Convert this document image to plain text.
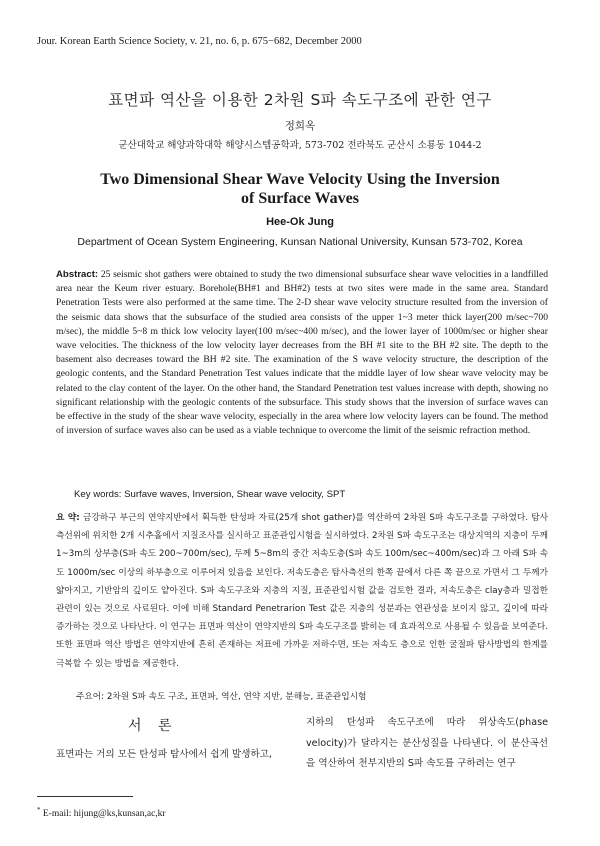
Jour. Korean Earth Science Society, v. 21, no. 6, p. 675−682, December 2000
표면파 역산을 이용한 2차원 S파 속도구조에 관한 연구
정희옥
군산대학교 해양과학대학 해양시스템공학과, 573-702 전라북도 군산시 소룡동 1044-2
Two Dimensional Shear Wave Velocity Using the Inversion
of Surface Waves
Hee-Ok Jung
Department of Ocean System Engineering, Kunsan National University, Kunsan 573-702, Korea
Abstract: 25 seismic shot gathers were obtained to study the two dimensional subsurface shear wave velocities in a landfilled area near the Keum river estuary. Borehole(BH#1 and BH#2) tests at two sites were made in the same area. Standard Penetration Tests were also performed at the same time. The 2-D shear wave velocity structure resulted from the inversion of the seismic data shows that the subsurface of the studied area consists of the upper 1~3 meter thick layer(200 m/sec~700 m/sec), the middle 5~8 m thick low velocity layer(100 m/sec~400 m/sec), and the lower layer of 1000m/sec or higher shear wave velocities. The thickness of the low velocity layer decreases from the BH #1 site to the BH #2 site. The depth to the basement also decreases toward the BH #2 site. The examination of the S wave velocity structure, the description of the geologic contents, and the Standard Penetration Test values indicate that the middle layer of low shear wave velocity may be related to the clay content of the layer. On the other hand, the Standard Penetration test values increase with depth, showing no significant relationship with the geologic contents of the subsurface. This study shows that the inversion of surface waves can be effective in the study of the shear wave velocity, especially in the area where low velocity layers can be found. The method of inversion of surface waves also can be used as a viable technique to overcome the limit of the seismic refraction method.
Key words: Surfave waves, Inversion, Shear wave velocity, SPT
요 약: 금강하구 부근의 연약지반에서 획득한 탄성파 자료(25개 shot gather)를 역산하여 2차원 S파 속도구조를 구하였다. 탐사측선위에 위치한 2개 시추홀에서 지질조사를 실시하고 표준관입시험을 실시하였다. 2차원 S파 속도구조는 대상지역의 지층이 두께 1~3m의 상부층(S파 속도 200~700m/sec), 두께 5~8m의 중간 저속도층(S파 속도 100m/sec~400m/sec)과 그 아래 S파 속도 1000m/sec 이상의 하부층으로 이루어져 있음을 보인다. 저속도층은 탐사측선의 한쪽 끝에서 다른 쪽 끝으로 가면서 그 두께가 얇아지고, 기반암의 깊이도 얕아진다. S파 속도구조와 지층의 지질, 표준관입시험 값을 검토한 결과, 저속도층은 clay층과 밀접한 관련이 있는 것으로 사료된다. 이에 비해 Standard Penetrarion Test 값은 지층의 성분과는 연관성을 보이지 않고, 깊이에 따라 증가하는 것으로 나타난다. 이 연구는 표면파 역산이 연약지반의 S파 속도구조를 밝히는 데 효과적으로 사용될 수 있음을 보여준다. 또한 표면파 역산 방법은 연약지반에 흔히 존재하는 저표에 가까운 저하수면, 또는 저속도 층으로 인한 굴절파 탐사방법의 한계를 극복할 수 있는 방법을 제공한다.
주요어: 2차원 S파 속도 구조, 표면파, 역산, 연약 지반, 분해능, 표준관입시험
서 론
표면파는 거의 모든 탄성파 탐사에서 쉽게 발생하고,
지하의 탄성파 속도구조에 따라 위상속도(phase velocity)가 달라지는 분산성질을 나타낸다. 이 분산곡선을 역산하여 천부지반의 S파 속도를 구하려는 연구
* E-mail: hijung@ks,kunsan,ac,kr
